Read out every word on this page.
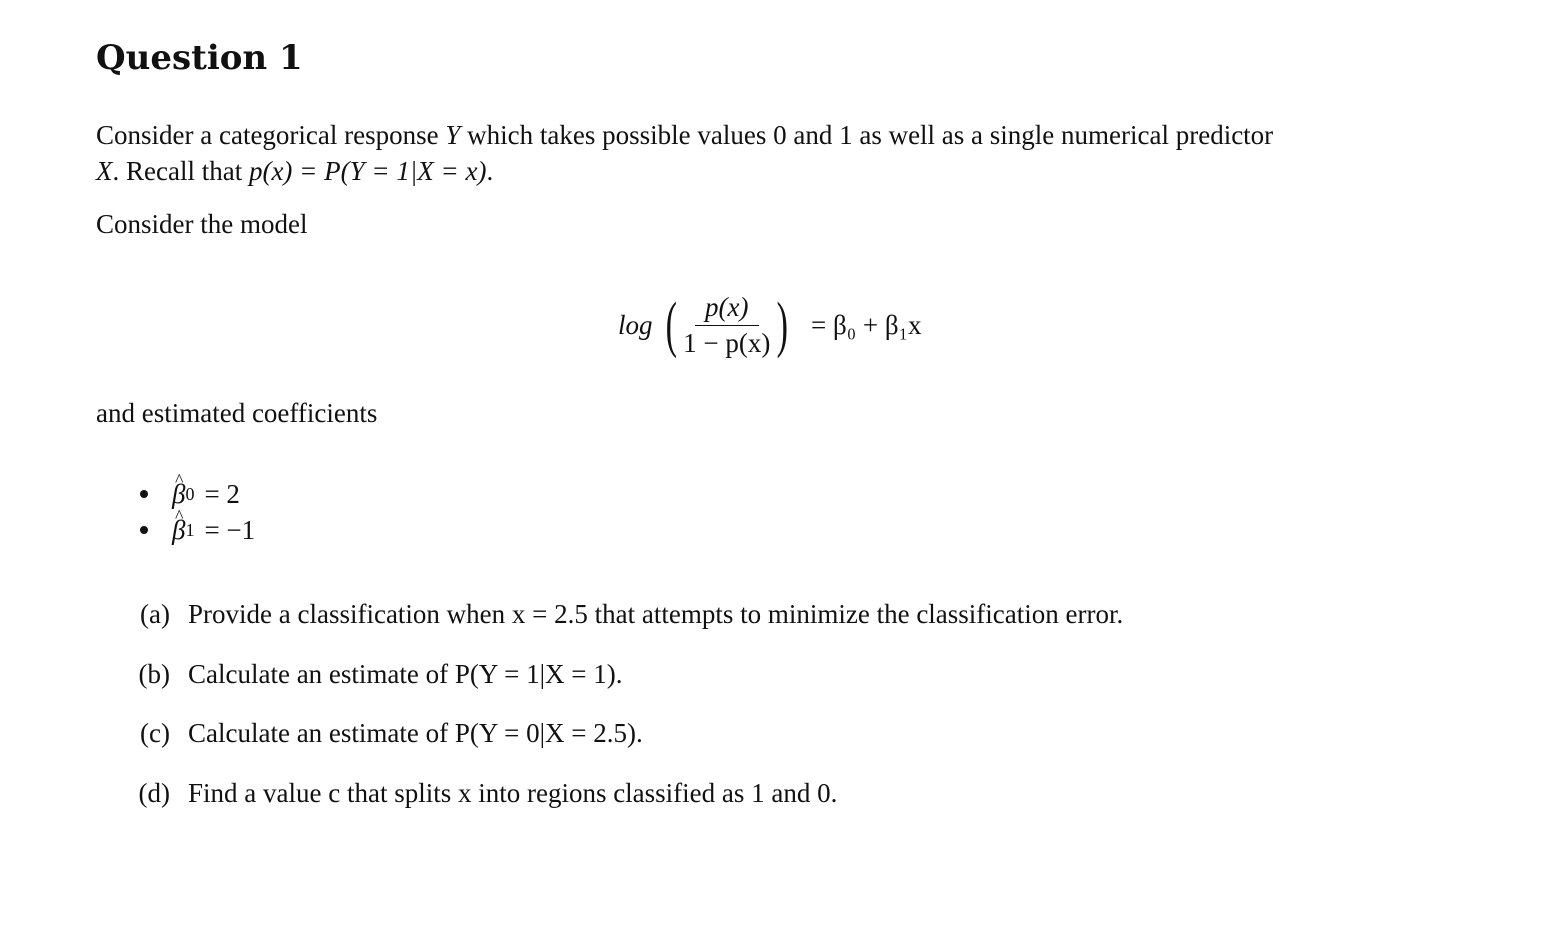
Question 1
Consider a categorical response Y which takes possible values 0 and 1 as well as a single numerical predictor
X. Recall that p(x) = P(Y = 1|X = x).

Consider the model

log ( $\frac{p(x)}{1 - p(x)}$ ) = β₀ + β₁x

and estimated coefficients

^ β 0 = 2
^ β 1 = −1
(a) Provide a classification when x = 2.5 that attempts to minimize the classification error.
(b) Calculate an estimate of P(Y = 1|X = 1).
(c) Calculate an estimate of P(Y = 0|X = 2.5).
(d) Find a value c that splits x into regions classified as 1 and 0.
